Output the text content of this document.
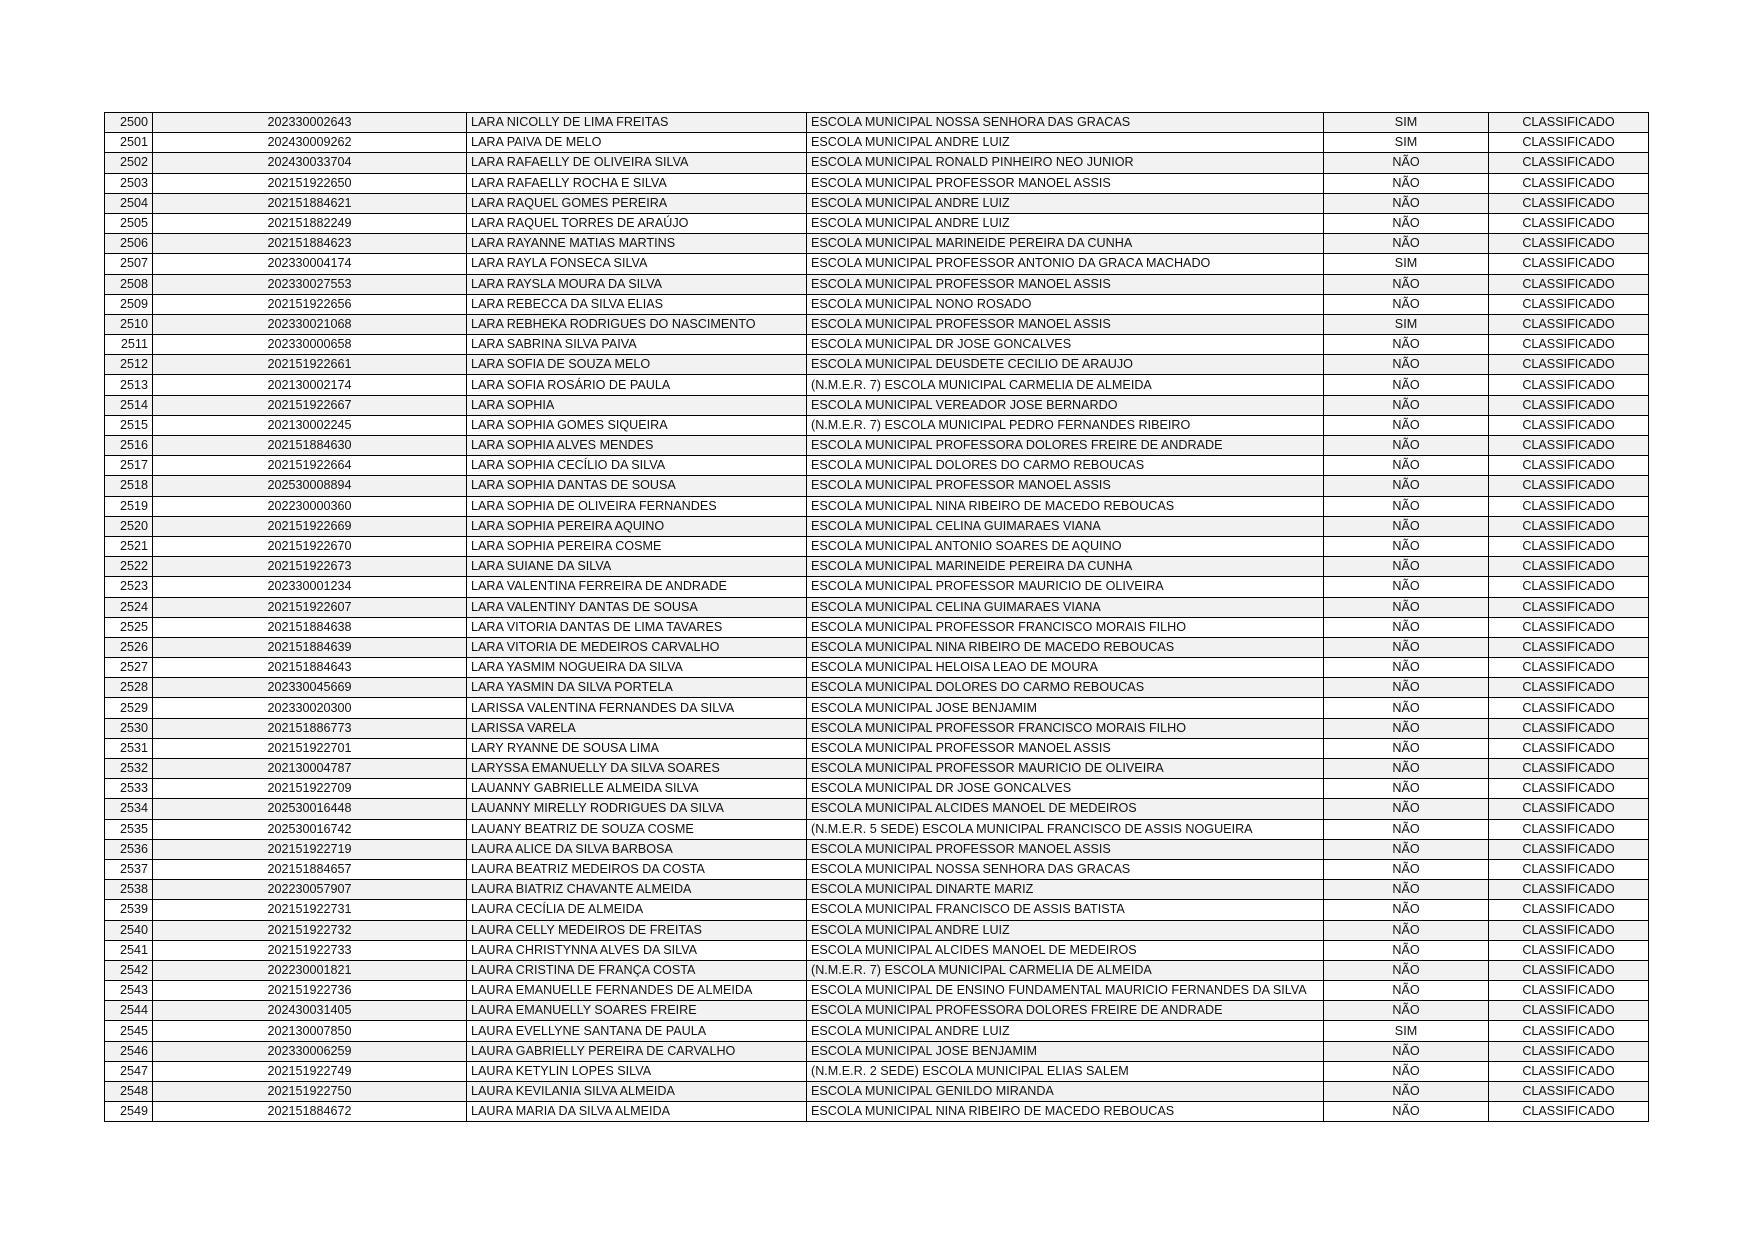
2500	202330002643	LARA NICOLLY DE LIMA FREITAS	ESCOLA MUNICIPAL NOSSA SENHORA DAS GRACAS	SIM	CLASSIFICADO
2501	202430009262	LARA PAIVA DE MELO	ESCOLA MUNICIPAL ANDRE LUIZ	SIM	CLASSIFICADO
2502	202430033704	LARA RAFAELLY DE OLIVEIRA SILVA	ESCOLA MUNICIPAL RONALD PINHEIRO NEO JUNIOR	NÃO	CLASSIFICADO
2503	202151922650	LARA RAFAELLY ROCHA E SILVA	ESCOLA MUNICIPAL PROFESSOR MANOEL ASSIS	NÃO	CLASSIFICADO
2504	202151884621	LARA RAQUEL GOMES PEREIRA	ESCOLA MUNICIPAL ANDRE LUIZ	NÃO	CLASSIFICADO
2505	202151882249	LARA RAQUEL TORRES DE ARAÚJO	ESCOLA MUNICIPAL ANDRE LUIZ	NÃO	CLASSIFICADO
2506	202151884623	LARA RAYANNE MATIAS MARTINS	ESCOLA MUNICIPAL MARINEIDE PEREIRA DA CUNHA	NÃO	CLASSIFICADO
2507	202330004174	LARA RAYLA FONSECA SILVA	ESCOLA MUNICIPAL PROFESSOR ANTONIO DA GRACA MACHADO	SIM	CLASSIFICADO
2508	202330027553	LARA RAYSLA MOURA DA SILVA	ESCOLA MUNICIPAL PROFESSOR MANOEL ASSIS	NÃO	CLASSIFICADO
2509	202151922656	LARA REBECCA DA SILVA ELIAS	ESCOLA MUNICIPAL NONO ROSADO	NÃO	CLASSIFICADO
2510	202330021068	LARA REBHEKA RODRIGUES DO NASCIMENTO	ESCOLA MUNICIPAL PROFESSOR MANOEL ASSIS	SIM	CLASSIFICADO
2511	202330000658	LARA SABRINA SILVA PAIVA	ESCOLA MUNICIPAL DR JOSE GONCALVES	NÃO	CLASSIFICADO
2512	202151922661	LARA SOFIA DE SOUZA MELO	ESCOLA MUNICIPAL DEUSDETE CECILIO DE ARAUJO	NÃO	CLASSIFICADO
2513	202130002174	LARA SOFIA ROSÁRIO DE PAULA	(N.M.E.R. 7) ESCOLA MUNICIPAL CARMELIA DE ALMEIDA	NÃO	CLASSIFICADO
2514	202151922667	LARA SOPHIA	ESCOLA MUNICIPAL VEREADOR JOSE BERNARDO	NÃO	CLASSIFICADO
2515	202130002245	LARA SOPHIA GOMES SIQUEIRA	(N.M.E.R. 7) ESCOLA MUNICIPAL PEDRO FERNANDES RIBEIRO	NÃO	CLASSIFICADO
2516	202151884630	LARA SOPHIA ALVES MENDES	ESCOLA MUNICIPAL PROFESSORA DOLORES FREIRE DE ANDRADE	NÃO	CLASSIFICADO
2517	202151922664	LARA SOPHIA CECÍLIO DA SILVA	ESCOLA MUNICIPAL DOLORES DO CARMO REBOUCAS	NÃO	CLASSIFICADO
2518	202530008894	LARA SOPHIA DANTAS DE SOUSA	ESCOLA MUNICIPAL PROFESSOR MANOEL ASSIS	NÃO	CLASSIFICADO
2519	202230000360	LARA SOPHIA DE OLIVEIRA FERNANDES	ESCOLA MUNICIPAL NINA RIBEIRO DE MACEDO REBOUCAS	NÃO	CLASSIFICADO
2520	202151922669	LARA SOPHIA PEREIRA AQUINO	ESCOLA MUNICIPAL CELINA GUIMARAES VIANA	NÃO	CLASSIFICADO
2521	202151922670	LARA SOPHIA PEREIRA COSME	ESCOLA MUNICIPAL ANTONIO SOARES DE AQUINO	NÃO	CLASSIFICADO
2522	202151922673	LARA SUIANE DA SILVA	ESCOLA MUNICIPAL MARINEIDE PEREIRA DA CUNHA	NÃO	CLASSIFICADO
2523	202330001234	LARA VALENTINA FERREIRA DE ANDRADE	ESCOLA MUNICIPAL PROFESSOR MAURICIO DE OLIVEIRA	NÃO	CLASSIFICADO
2524	202151922607	LARA VALENTINY DANTAS DE SOUSA	ESCOLA MUNICIPAL CELINA GUIMARAES VIANA	NÃO	CLASSIFICADO
2525	202151884638	LARA VITORIA DANTAS DE LIMA TAVARES	ESCOLA MUNICIPAL PROFESSOR FRANCISCO MORAIS FILHO	NÃO	CLASSIFICADO
2526	202151884639	LARA VITORIA DE MEDEIROS CARVALHO	ESCOLA MUNICIPAL NINA RIBEIRO DE MACEDO REBOUCAS	NÃO	CLASSIFICADO
2527	202151884643	LARA YASMIM NOGUEIRA DA SILVA	ESCOLA MUNICIPAL HELOISA LEAO DE MOURA	NÃO	CLASSIFICADO
2528	202330045669	LARA YASMIN DA SILVA PORTELA	ESCOLA MUNICIPAL DOLORES DO CARMO REBOUCAS	NÃO	CLASSIFICADO
2529	202330020300	LARISSA VALENTINA FERNANDES DA SILVA	ESCOLA MUNICIPAL JOSE BENJAMIM	NÃO	CLASSIFICADO
2530	202151886773	LARISSA VARELA	ESCOLA MUNICIPAL PROFESSOR FRANCISCO MORAIS FILHO	NÃO	CLASSIFICADO
2531	202151922701	LARY RYANNE DE SOUSA LIMA	ESCOLA MUNICIPAL PROFESSOR MANOEL ASSIS	NÃO	CLASSIFICADO
2532	202130004787	LARYSSA EMANUELLY DA SILVA SOARES	ESCOLA MUNICIPAL PROFESSOR MAURICIO DE OLIVEIRA	NÃO	CLASSIFICADO
2533	202151922709	LAUANNY GABRIELLE ALMEIDA SILVA	ESCOLA MUNICIPAL DR JOSE GONCALVES	NÃO	CLASSIFICADO
2534	202530016448	LAUANNY MIRELLY RODRIGUES DA SILVA	ESCOLA MUNICIPAL ALCIDES MANOEL DE MEDEIROS	NÃO	CLASSIFICADO
2535	202530016742	LAUANY BEATRIZ DE SOUZA COSME	(N.M.E.R. 5 SEDE) ESCOLA MUNICIPAL FRANCISCO DE ASSIS NOGUEIRA	NÃO	CLASSIFICADO
2536	202151922719	LAURA ALICE DA SILVA BARBOSA	ESCOLA MUNICIPAL PROFESSOR MANOEL ASSIS	NÃO	CLASSIFICADO
2537	202151884657	LAURA BEATRIZ MEDEIROS DA COSTA	ESCOLA MUNICIPAL NOSSA SENHORA DAS GRACAS	NÃO	CLASSIFICADO
2538	202230057907	LAURA BIATRIZ CHAVANTE ALMEIDA	ESCOLA MUNICIPAL DINARTE MARIZ	NÃO	CLASSIFICADO
2539	202151922731	LAURA CECÍLIA DE ALMEIDA	ESCOLA MUNICIPAL FRANCISCO DE ASSIS BATISTA	NÃO	CLASSIFICADO
2540	202151922732	LAURA CELLY MEDEIROS DE FREITAS	ESCOLA MUNICIPAL ANDRE LUIZ	NÃO	CLASSIFICADO
2541	202151922733	LAURA CHRISTYNNA ALVES DA SILVA	ESCOLA MUNICIPAL ALCIDES MANOEL DE MEDEIROS	NÃO	CLASSIFICADO
2542	202230001821	LAURA CRISTINA DE FRANÇA COSTA	(N.M.E.R. 7) ESCOLA MUNICIPAL CARMELIA DE ALMEIDA	NÃO	CLASSIFICADO
2543	202151922736	LAURA EMANUELLE FERNANDES DE ALMEIDA	ESCOLA MUNICIPAL DE ENSINO FUNDAMENTAL MAURICIO FERNANDES DA SILVA	NÃO	CLASSIFICADO
2544	202430031405	LAURA EMANUELLY SOARES FREIRE	ESCOLA MUNICIPAL PROFESSORA DOLORES FREIRE DE ANDRADE	NÃO	CLASSIFICADO
2545	202130007850	LAURA EVELLYNE SANTANA DE PAULA	ESCOLA MUNICIPAL ANDRE LUIZ	SIM	CLASSIFICADO
2546	202330006259	LAURA GABRIELLY PEREIRA DE CARVALHO	ESCOLA MUNICIPAL JOSE BENJAMIM	NÃO	CLASSIFICADO
2547	202151922749	LAURA KETYLIN LOPES SILVA	(N.M.E.R. 2 SEDE) ESCOLA MUNICIPAL ELIAS SALEM	NÃO	CLASSIFICADO
2548	202151922750	LAURA KEVILANIA SILVA ALMEIDA	ESCOLA MUNICIPAL GENILDO MIRANDA	NÃO	CLASSIFICADO
2549	202151884672	LAURA MARIA DA SILVA ALMEIDA	ESCOLA MUNICIPAL NINA RIBEIRO DE MACEDO REBOUCAS	NÃO	CLASSIFICADO
